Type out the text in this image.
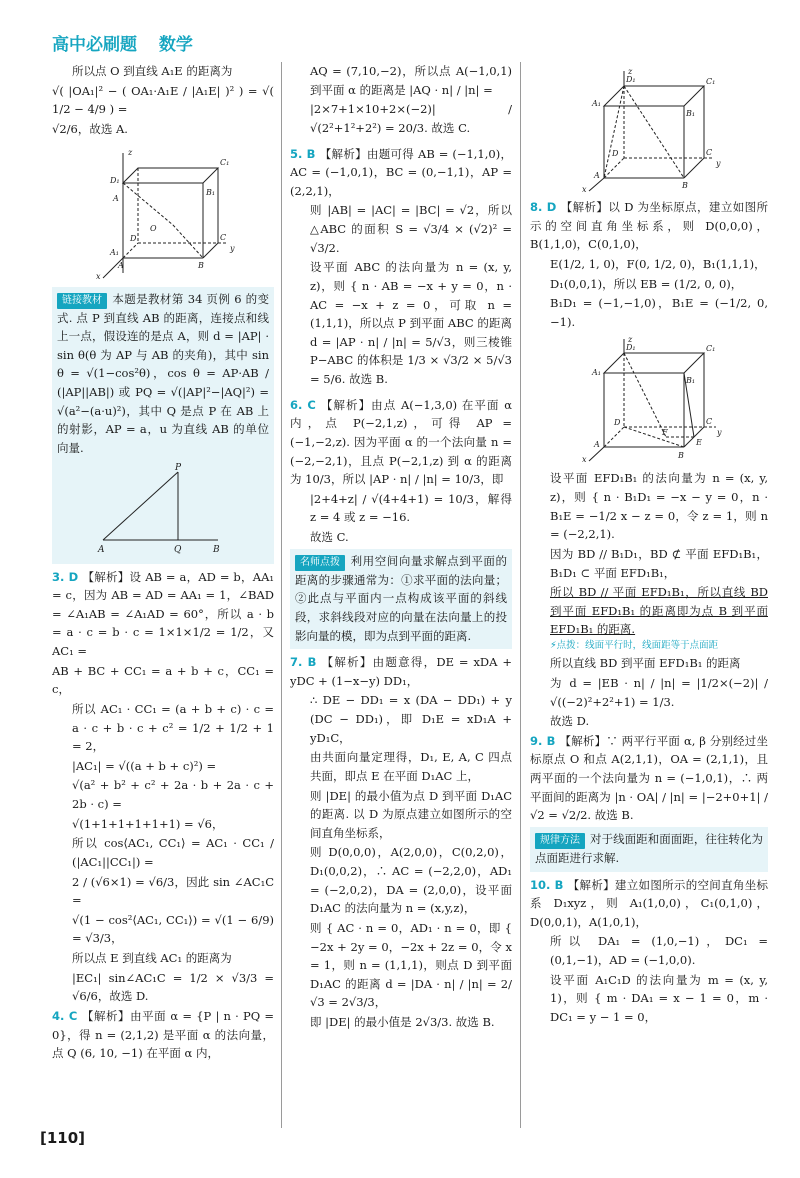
高中必刷题 数学

所以点 O 到直线 A₁E 的距离为

√( |OA₁|² − ( OA₁·A₁E / |A₁E| )² ) = √( 1/2 − 4/9 ) =

√2/6，故选 A.

z
D₁
C₁
A
B₁
A₁
O
D	C
A	B
x
y

链接教材 本题是教材第 34 页例 6 的变式. 点 P 到直线 AB 的距离，连接点和线上一点，假设连的是点 A，则 d = |AP| · sin θ(θ 为 AP 与 AB 的夹角)，其中 sin θ = √(1−cos²θ)，cos θ = AP·AB / (|AP||AB|) 或 PQ = √(|AP|²−|AQ|²) = √(a²−(a·u)²)，其中 Q 是点 P 在 AB 上的射影，AP = a，u 为直线 AB 的单位向量.

P
A	Q	B

3. D 【解析】设 AB = a，AD = b，AA₁ = c，因为 AB = AD = AA₁ = 1，∠BAD = ∠A₁AB = ∠A₁AD = 60°，所以 a · b = a · c = b · c = 1×1×1/2 = 1/2，又 AC₁ =

AB + BC + CC₁ = a + b + c，CC₁ = c，

所以 AC₁ · CC₁ = (a + b + c) · c = a · c + b · c + c² = 1/2 + 1/2 + 1 = 2，

|AC₁| = √((a + b + c)²) =

√(a² + b² + c² + 2a · b + 2a · c + 2b · c) =

√(1+1+1+1+1+1) = √6，

所以 cos⟨AC₁, CC₁⟩ = AC₁ · CC₁ / (|AC₁||CC₁|) =

2 / (√6×1) = √6/3，因此 sin ∠AC₁C =

√(1 − cos²⟨AC₁, CC₁⟩) = √(1 − 6/9) = √3/3，

所以点 E 到直线 AC₁ 的距离为

|EC₁| sin∠AC₁C = 1/2 × √3/3 = √6/6，故选 D.

4. C 【解析】由平面 α = {P | n · PQ = 0}，得 n = (2,1,2) 是平面 α 的法向量，点 Q (6, 10, −1) 在平面 α 内，

AQ = (7,10,−2)，所以点 A(−1,0,1) 到平面 α 的距离是 |AQ · n| / |n| =

|2×7+1×10+2×(−2)| / √(2²+1²+2²) = 20/3. 故选 C.

5. B 【解析】由题可得 AB = (−1,1,0)，AC = (−1,0,1)，BC = (0,−1,1)，AP = (2,2,1)，

则 |AB| = |AC| = |BC| = √2，所以 △ABC 的面积 S = √3/4 × (√2)² = √3/2.

设平面 ABC 的法向量为 n = (x, y, z)，则 { n · AB = −x + y = 0，n · AC = −x + z = 0，可取 n = (1,1,1)，所以点 P 到平面 ABC 的距离 d = |AP · n| / |n| = 5/√3，则三棱锥 P−ABC 的体积是 1/3 × √3/2 × 5/√3 = 5/6. 故选 B.

6. C 【解析】由点 A(−1,3,0) 在平面 α 内，点 P(−2,1,z)，可得 AP = (−1,−2,z). 因为平面 α 的一个法向量 n = (−2,−2,1)，且点 P(−2,1,z) 到 α 的距离为 10/3，所以 |AP · n| / |n| = 10/3，即

|2+4+z| / √(4+4+1) = 10/3，解得 z = 4 或 z = −16.

故选 C.

名师点拨 利用空间向量求解点到平面的距离的步骤通常为：①求平面的法向量；②此点与平面内一点构成该平面的斜线段，求斜线段对应的向量在法向量上的投影向量的模，即为点到平面的距离.

7. B 【解析】由题意得，DE = xDA + yDC + (1−x−y) DD₁，

∴ DE − DD₁ = x (DA − DD₁) + y (DC − DD₁)，即 D₁E = xD₁A + yD₁C，

由共面向量定理得，D₁, E, A, C 四点共面，即点 E 在平面 D₁AC 上，

则 |DE| 的最小值为点 D 到平面 D₁AC 的距离. 以 D 为原点建立如图所示的空间直角坐标系，

则 D(0,0,0)，A(2,0,0)，C(0,2,0)，D₁(0,0,2)，∴ AC = (−2,2,0)，AD₁ = (−2,0,2)，DA = (2,0,0)，设平面 D₁AC 的法向量为 n = (x,y,z)，

则 { AC · n = 0，AD₁ · n = 0，即 { −2x + 2y = 0，−2x + 2z = 0，令 x = 1，则 n = (1,1,1)，则点 D 到平面 D₁AC 的距离 d = |DA · n| / |n| = 2/√3 = 2√3/3，

即 |DE| 的最小值是 2√3/3. 故选 B.

z
D₁	C₁
A₁
B₁
D	C
y
A
B
x

8. D 【解析】以 D 为坐标原点，建立如图所示的空间直角坐标系，则 D(0,0,0)，B(1,1,0)，C(0,1,0)，

E(1/2, 1, 0)，F(0, 1/2, 0)，B₁(1,1,1)，

D₁(0,0,1)，所以 EB = (1/2, 0, 0)，

B₁D₁ = (−1,−1,0)，B₁E = (−1/2, 0, −1).

z
D₁	C₁
A₁
B₁
D	C
F	y
A
B
E
x

设平面 EFD₁B₁ 的法向量为 n = (x, y, z)，则 { n · B₁D₁ = −x − y = 0，n · B₁E = −1/2 x − z = 0，令 z = 1，则 n = (−2,2,1).

因为 BD // B₁D₁，BD ⊄ 平面 EFD₁B₁，B₁D₁ ⊂ 平面 EFD₁B₁，

所以 BD // 平面 EFD₁B₁，所以直线 BD 到平面 EFD₁B₁ 的距离即为点 B 到平面 EFD₁B₁ 的距离.

⚡点拨：线面平行时，线面距等于点面距

所以直线 BD 到平面 EFD₁B₁ 的距离

为 d = |EB · n| / |n| = |1/2×(−2)| / √((−2)²+2²+1) = 1/3.

故选 D.

9. B 【解析】∵ 两平行平面 α, β 分别经过坐标原点 O 和点 A(2,1,1)，OA = (2,1,1)，且两平面的一个法向量为 n = (−1,0,1)，∴ 两平面间的距离为 |n · OA| / |n| = |−2+0+1| / √2 = √2/2. 故选 B.

规律方法 对于线面距和面面距，往往转化为点面距进行求解.

10. B 【解析】建立如图所示的空间直角坐标系 D₁xyz，则 A₁(1,0,0)，C₁(0,1,0)，D(0,0,1)，A(1,0,1)，

所以 DA₁ = (1,0,−1)，DC₁ = (0,1,−1)，AD = (−1,0,0).

设平面 A₁C₁D 的法向量为 m = (x, y, 1)，则 { m · DA₁ = x − 1 = 0，m · DC₁ = y − 1 = 0，

[110]
